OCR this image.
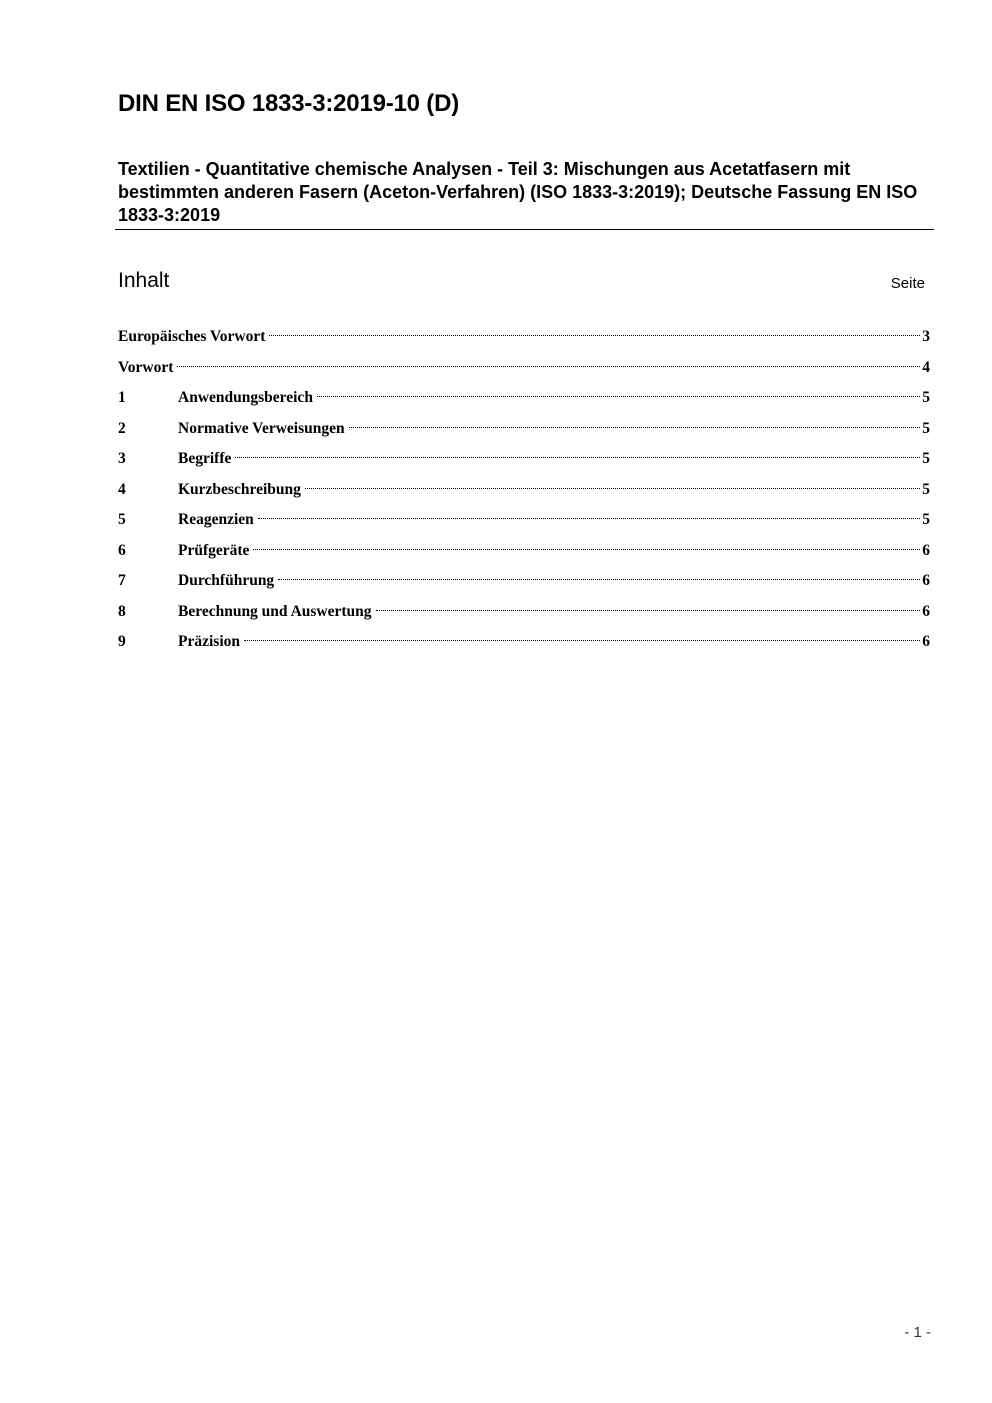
DIN EN ISO 1833-3:2019-10 (D)

Textilien - Quantitative chemische Analysen - Teil 3: Mischungen aus Acetatfasern mit bestimmten anderen Fasern (Aceton-Verfahren) (ISO 1833-3:2019); Deutsche Fassung EN ISO 1833-3:2019

Inhalt	Seite
Europäisches Vorwort	3
Vorwort	4
1	Anwendungsbereich	5
2	Normative Verweisungen	5
3	Begriffe	5
4	Kurzbeschreibung	5
5	Reagenzien	5
6	Prüfgeräte	6
7	Durchführung	6
8	Berechnung und Auswertung	6
9	Präzision	6
- 1 -
